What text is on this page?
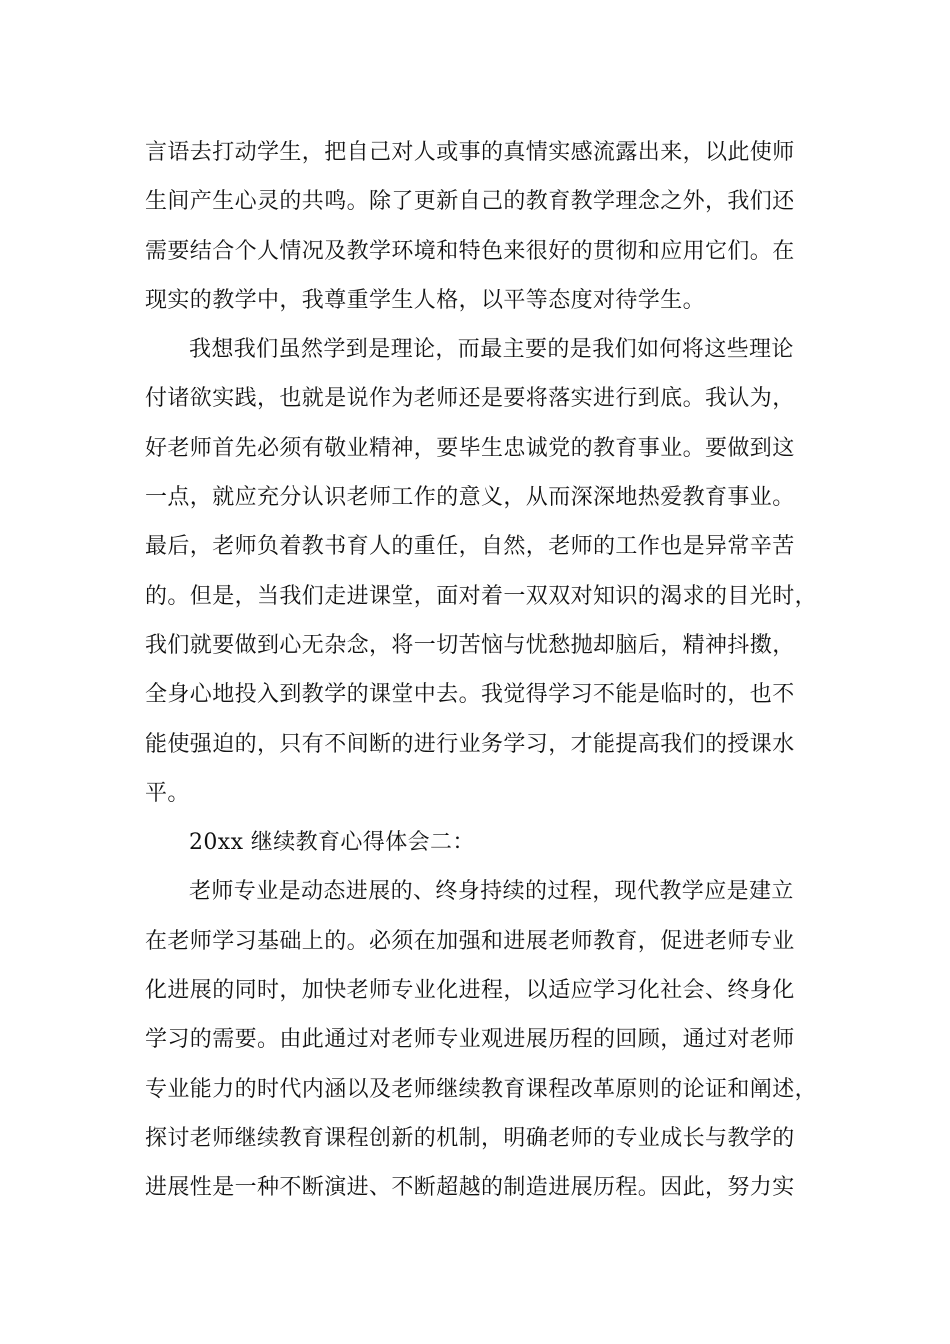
言语去打动学生，把自己对人或事的真情实感流露出来，以此使师
生间产生心灵的共鸣。除了更新自己的教育教学理念之外，我们还
需要结合个人情况及教学环境和特色来很好的贯彻和应用它们。在
现实的教学中，我尊重学生人格，以平等态度对待学生。
我想我们虽然学到是理论，而最主要的是我们如何将这些理论
付诸欲实践，也就是说作为老师还是要将落实进行到底。我认为，
好老师首先必须有敬业精神，要毕生忠诚党的教育事业。要做到这
一点，就应充分认识老师工作的意义，从而深深地热爱教育事业。
最后，老师负着教书育人的重任，自然，老师的工作也是异常辛苦
的。但是，当我们走进课堂，面对着一双双对知识的渴求的目光时，
我们就要做到心无杂念，将一切苦恼与忧愁抛却脑后，精神抖擞，
全身心地投入到教学的课堂中去。我觉得学习不能是临时的，也不
能使强迫的，只有不间断的进行业务学习，才能提高我们的授课水
平。
20xx 继续教育心得体会二：
老师专业是动态进展的、终身持续的过程，现代教学应是建立
在老师学习基础上的。必须在加强和进展老师教育，促进老师专业
化进展的同时，加快老师专业化进程，以适应学习化社会、终身化
学习的需要。由此通过对老师专业观进展历程的回顾，通过对老师
专业能力的时代内涵以及老师继续教育课程改革原则的论证和阐述，
探讨老师继续教育课程创新的机制，明确老师的专业成长与教学的
进展性是一种不断演进、不断超越的制造进展历程。因此，努力实
